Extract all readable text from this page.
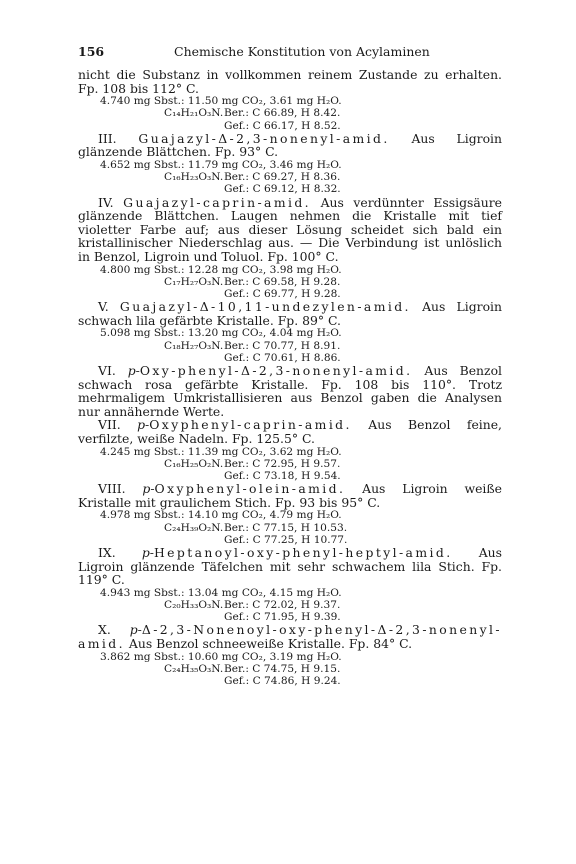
156	Chemische Konstitution von Acylaminen

nicht die Substanz in vollkommen reinem Zustande zu erhalten. Fp. 108 bis 112° C.

4.740 mg Sbst.: 11.50 mg CO₂, 3.61 mg H₂O.
C₁₄H₂₁O₃N.Ber.: C 66.89, H 8.42.
Gef.: C 66.17, H 8.52.

III. Guajazyl-Δ-2,3-nonenyl-amid. Aus Ligroin glänzende Blättchen. Fp. 93° C.

4.652 mg Sbst.: 11.79 mg CO₂, 3.46 mg H₂O.
C₁₆H₂₃O₃N.Ber.: C 69.27, H 8.36.
Gef.: C 69.12, H 8.32.

IV. Guajazyl-caprin-amid. Aus verdünnter Essigsäure glänzende Blättchen. Laugen nehmen die Kristalle mit tief violetter Farbe auf; aus dieser Lösung scheidet sich bald ein kristallinischer Niederschlag aus. — Die Verbindung ist unlöslich in Benzol, Ligroin und Toluol. Fp. 100° C.

4.800 mg Sbst.: 12.28 mg CO₂, 3.98 mg H₂O.
C₁₇H₂₇O₃N.Ber.: C 69.58, H 9.28.
Gef.: C 69.77, H 9.28.

V. Guajazyl-Δ-10,11-undezylen-amid. Aus Ligroin schwach lila gefärbte Kristalle. Fp. 89° C.

5.098 mg Sbst.: 13.20 mg CO₂, 4.04 mg H₂O.
C₁₈H₂₇O₃N.Ber.: C 70.77, H 8.91.
Gef.: C 70.61, H 8.86.

VI. p-Oxy-phenyl-Δ-2,3-nonenyl-amid. Aus Benzol schwach rosa gefärbte Kristalle. Fp. 108 bis 110°. Trotz mehrmaligem Umkristallisieren aus Benzol gaben die Analysen nur annähernde Werte.

VII. p-Oxyphenyl-caprin-amid. Aus Benzol feine, verfilzte, weiße Nadeln. Fp. 125.5° C.

4.245 mg Sbst.: 11.39 mg CO₂, 3.62 mg H₂O.
C₁₆H₂₅O₂N.Ber.: C 72.95, H 9.57.
Gef.: C 73.18, H 9.54.

VIII. p-Oxyphenyl-olein-amid. Aus Ligroin weiße Kristalle mit graulichem Stich. Fp. 93 bis 95° C.

4.978 mg Sbst.: 14.10 mg CO₂, 4.79 mg H₂O.
C₂₄H₃₉O₂N.Ber.: C 77.15, H 10.53.
Gef.: C 77.25, H 10.77.

IX. p-Heptanoyl-oxy-phenyl-heptyl-amid. Aus Ligroin glänzende Täfelchen mit sehr schwachem lila Stich. Fp. 119° C.

4.943 mg Sbst.: 13.04 mg CO₂, 4.15 mg H₂O.
C₂₀H₃₃O₃N.Ber.: C 72.02, H 9.37.
Gef.: C 71.95, H 9.39.

X. p-Δ-2,3-Nonenoyl-oxy-phenyl-Δ-2,3-nonenyl-amid. Aus Benzol schneeweiße Kristalle. Fp. 84° C.

3.862 mg Sbst.: 10.60 mg CO₂, 3.19 mg H₂O.
C₂₄H₃₅O₃N.Ber.: C 74.75, H 9.15.
Gef.: C 74.86, H 9.24.
